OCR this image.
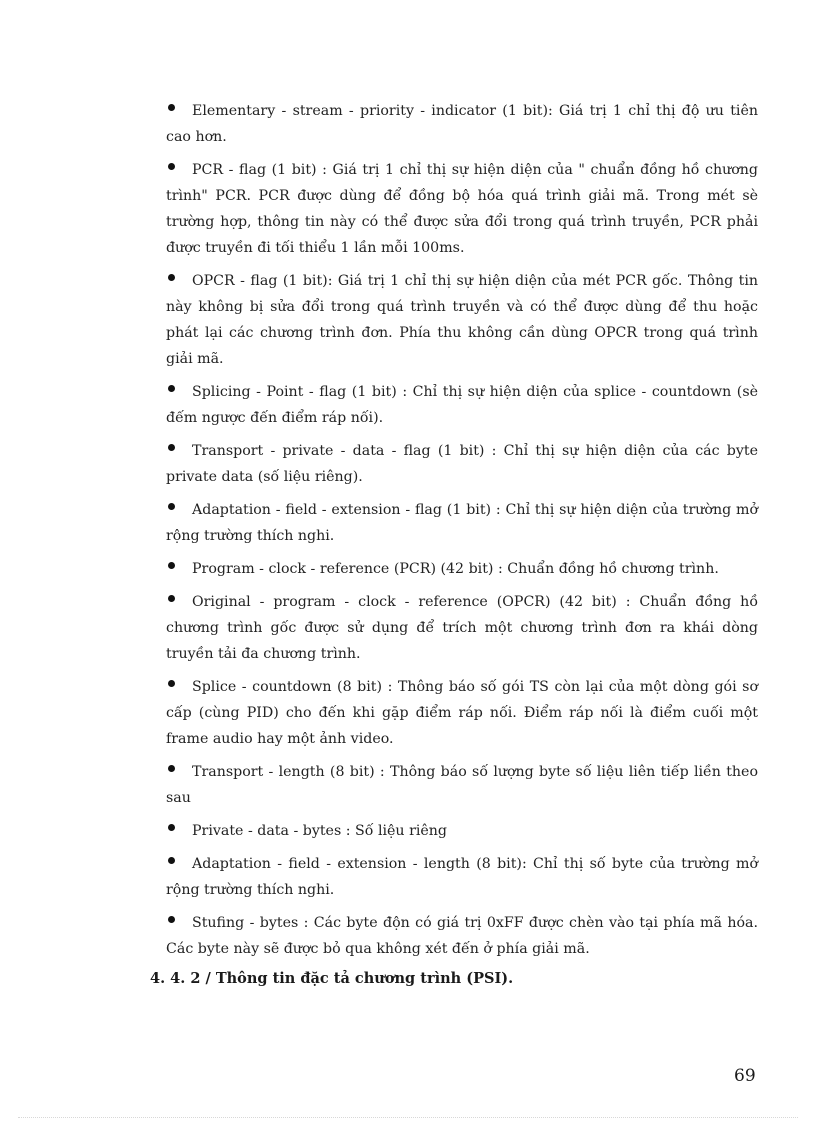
Elementary - stream - priority - indicator (1 bit): Giá trị 1 chỉ thị độ ưu tiên cao hơn.
PCR - flag (1 bit) : Giá trị 1 chỉ thị sự hiện diện của " chuẩn đồng hồ chương trình" PCR. PCR được dùng để đồng bộ hóa quá trình giải mã. Trong mét sè trường hợp, thông tin này có thể được sửa đổi trong quá trình truyền, PCR phải được truyền đi tối thiểu 1 lần mỗi 100ms.
OPCR - flag (1 bit): Giá trị 1 chỉ thị sự hiện diện của mét PCR gốc. Thông tin này không bị sửa đổi trong quá trình truyền và có thể được dùng để thu hoặc phát lại các chương trình đơn. Phía thu không cần dùng OPCR trong quá trình giải mã.
Splicing - Point - flag (1 bit) : Chỉ thị sự hiện diện của splice - countdown (sè đếm ngược đến điểm ráp nối).
Transport - private - data - flag (1 bit) : Chỉ thị sự hiện diện của các byte private data (số liệu riêng).
Adaptation - field - extension - flag (1 bit) : Chỉ thị sự hiện diện của trường mở rộng trường thích nghi.
Program - clock - reference (PCR) (42 bit) : Chuẩn đồng hồ chương trình.
Original - program - clock - reference (OPCR) (42 bit) : Chuẩn đồng hồ chương trình gốc được sử dụng để trích một chương trình đơn ra khái dòng truyền tải đa chương trình.
Splice - countdown (8 bit) : Thông báo số gói TS còn lại của một dòng gói sơ cấp (cùng PID) cho đến khi gặp điểm ráp nối. Điểm ráp nối là điểm cuối một frame audio hay một ảnh video.
Transport - length (8 bit) : Thông báo số lượng byte số liệu liên tiếp liền theo sau
Private - data - bytes : Số liệu riêng
Adaptation - field - extension - length (8 bit): Chỉ thị số byte của trường mở rộng trường thích nghi.
Stufing - bytes : Các byte độn có giá trị 0xFF được chèn vào tại phía mã hóa. Các byte này sẽ được bỏ qua không xét đến ở phía giải mã.
4. 4. 2 / Thông tin đặc tả chương trình (PSI).
69
